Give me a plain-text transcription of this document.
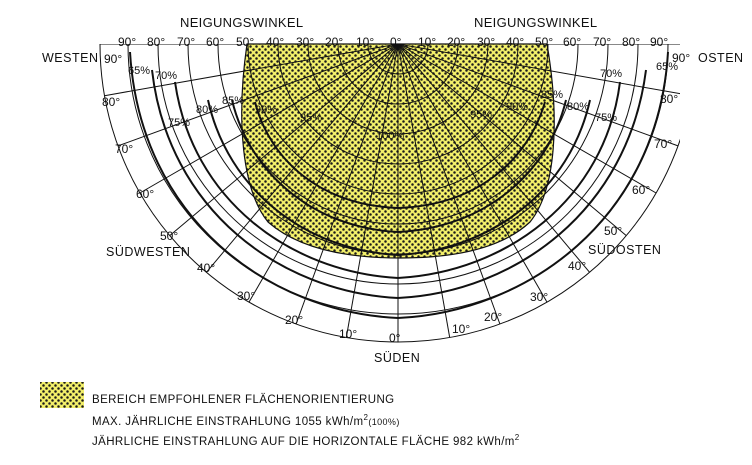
NEIGUNGSWINKEL	NEIGUNGSWINKEL
90° 80° 70° 60° 50° 40° 30° 20° 10° 0° 10° 20° 30° 40° 50° 60° 70° 80° 90°
WESTEN	OSTEN
SÜDWESTEN	SÜDOSTEN
SÜDEN
90°
80°
70°
60°
50°
40°
30°
20°
10°	0°
10°
20°
30°
40°
50°
60°
70°
80°
90°
100%
65% 70%
75%
80%
85%
90%
95%
65%
70%
75%
80%
85%
90%
95%
BEREICH EMPFOHLENER FLÄCHENORIENTIERUNG
MAX. JÄHRLICHE EINSTRAHLUNG 1055 kWh/$m^2_{(100\%)}$
JÄHRLICHE EINSTRAHLUNG AUF DIE HORIZONTALE FLÄCHE 982 kWh/$m^2$
